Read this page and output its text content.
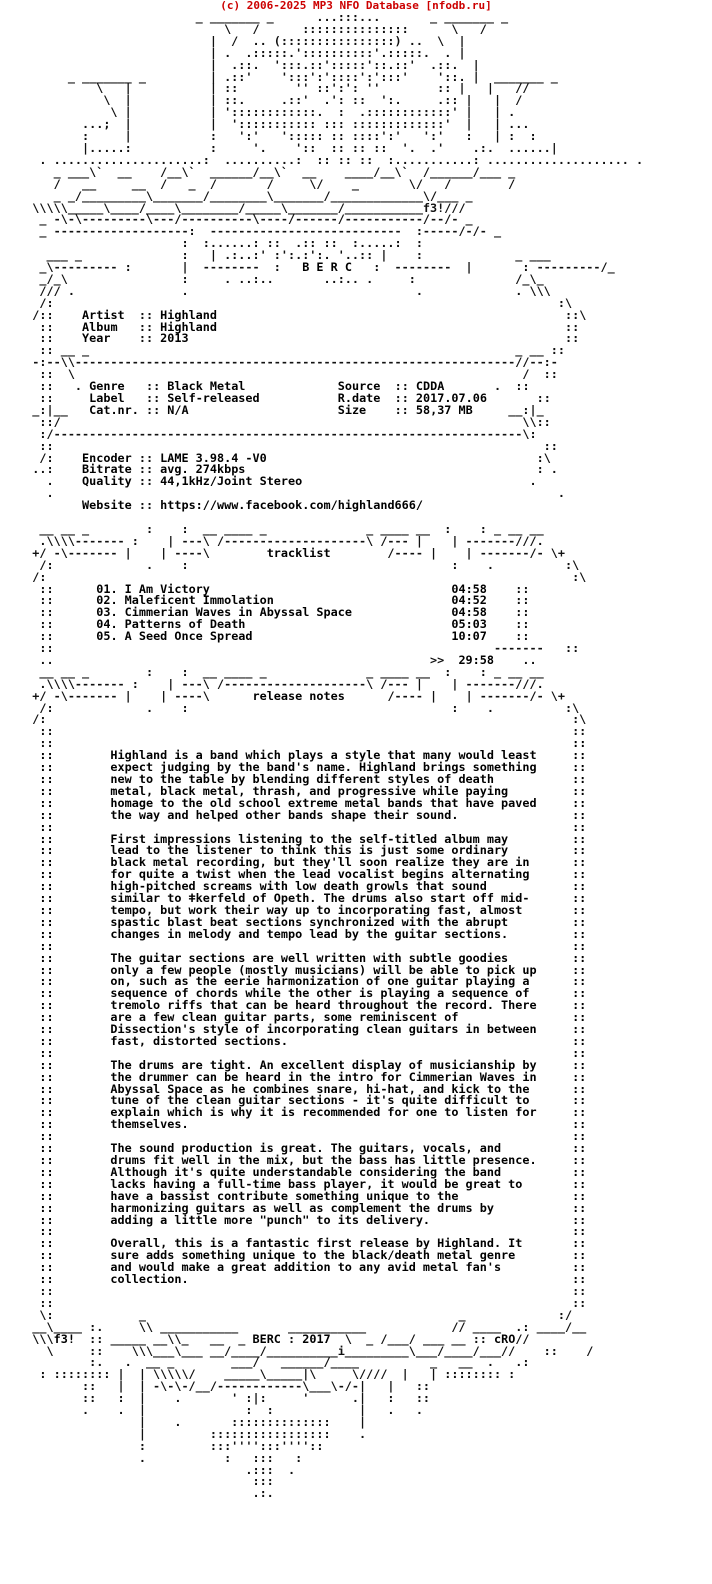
(c) 2006-2025 MP3 NFO Database [nfodb.ru]
_ _______ _      ...:::...       _ _______ _
\   /      :::::::::::::::      \   /
|  /  .. (::::::::::::::::) ..  \  |
| .  .:::::.'::::::::::'.:::::.  . |
|  .::.  ':::.::':::::'::.::'  .::.  |
_ _______ _         | .::'    ':::':'::::':':::'    '::. |  _______ _
\   |           | ::        '' ::':': ''        :: |   |   //
\  |           | ::.     .::'  .': ::  ':.     .:: |   |  /
\ |           | '::::::::::::.  :  .::::::::::::' |   | .
...;  |           |  '::::::::::: ::: :::::::::::::'  |   | ...
:     |           :   ':'   '::::: :: ::::':'   ':'   :   | :  :
|.....:           :     '.    '::  :: :: ::  '.  .'    .:.  ......|
. .....................:  ..........:  :: :: ::  :...........: .................... .
_ ___\`  __    /__\`  ______/__\`  __    ____/__\`  /______/___ _
/   __     __  /   _  /       /     \/    _       \/   /        /
_ _/_________\_______/________\_______/_____________\/___ _
\\\\\_____\____/____\________/_____\_______/___________f3!///
_ -\-\---------\---/----------\----/------/-----------/--/- _
_ -------------------:  ---------------------------  :-----/-/- _
:  :......: ::  .:: ::  :.....:  :
___ _              :   | .:..:' :':.:':. '..:: |    :             _ ___
_\--------- :       |  --------  :   B E R C   :  --------  |       : ---------/_
_/_\                :     . ..:..       ..:.. .     :              /_\_
/// .               .                                .             . \\\
/:                                                                       :\
/::    Artist  :: Highland	::\
::    Album   :: Highland	::
::    Year    :: 2013	::
:: __ _                                                            _ __ ::
-:--\\--------------------------------------------------------------//--:-
::  \                                                               /  ::
::   . Genre   :: Black Metal	Source  :: CDDA	.  ::
::	Label   :: Self-released	R.date  :: 2017.07.06	::
_:|__   Cat.nr. :: N/A	Size    :: 58,37 MB	__:|_
::/                                                                 \\::
:/------------------------------------------------------------------\:
::                                                                     ::
/:    Encoder :: LAME 3.98.4 -V0	:\
..:    Bitrate :: avg. 274kbps	: .
.    Quality :: 44,1kHz/Joint Stereo	.
.                                                                       .
Website :: https://www.facebook.com/highland666/

__ __ _        :    :  __ ____ _              _ ____ __  :    : _ __ __
.\\\\------- :    | ---\ /--------------------\ /--- |    | -------///.
+/ -\------- |    | ----\	tracklist	/---- |    | -------/- \+
/:             .    :                                     :    .          :\
/:                                                                          :\
::	01. I Am Victory	04:58    ::
::	02. Maleficent Immolation	04:52    ::
::	03. Cimmerian Waves in Abyssal Space	04:58    ::
::	04. Patterns of Death	05:03    ::
::	05. A Seed Once Spread	10:07    ::
::                                                              -------   ::
..                                                     >>  29:58    ..
__ __ _        :    :  __ ____ _              _ ____ __  :    : _ __ __
.\\\\------- :    | ---\ /--------------------\ /--- |    | -------///.
+/ -\------- |    | ----\	release notes	/---- |    | -------/- \+
/:             .    :                                     :    .          :\
/:                                                                          :\
::                                                                         ::
::	::
::        Highland is a band which plays a style that many would least     ::
::        expect judging by the band's name. Highland brings something     ::
::        new to the table by blending different styles of death           ::
::        metal, black metal, thrash, and progressive while paying         ::
::        homage to the old school extreme metal bands that have paved     ::
::        the way and helped other bands shape their sound.                ::
::                                                                         ::
::        First impressions listening to the self-titled album may         ::
::        lead to the listener to think this is just some ordinary         ::
::        black metal recording, but they'll soon realize they are in      ::
::        for quite a twist when the lead vocalist begins alternating      ::
::        high-pitched screams with low death growls that sound            ::
::        similar to ǂkerfeld of Opeth. The drums also start off mid-      ::
::        tempo, but work their way up to incorporating fast, almost       ::
::        spastic blast beat sections synchronized with the abrupt         ::
::        changes in melody and tempo lead by the guitar sections.         ::
::                                                                         ::
::        The guitar sections are well written with subtle goodies         ::
::        only a few people (mostly musicians) will be able to pick up     ::
::        on, such as the eerie harmonization of one guitar playing a      ::
::        sequence of chords while the other is playing a sequence of      ::
::        tremolo riffs that can be heard throughout the record. There     ::
::        are a few clean guitar parts, some reminiscent of                ::
::        Dissection's style of incorporating clean guitars in between     ::
::        fast, distorted sections.                                        ::
::                                                                         ::
::        The drums are tight. An excellent display of musicianship by     ::
::        the drummer can be heard in the intro for Cimmerian Waves in     ::
::        Abyssal Space as he combines snare, hi-hat, and kick to the      ::
::        tune of the clean guitar sections - it's quite difficult to      ::
::        explain which is why it is recommended for one to listen for     ::
::        themselves.                                                      ::
::                                                                         ::
::        The sound production is great. The guitars, vocals, and          ::
::        drums fit well in the mix, but the bass has little presence.     ::
::        Although it's quite understandable considering the band          ::
::        lacks having a full-time bass player, it would be great to       ::
::        have a bassist contribute something unique to the                ::
::        harmonizing guitars as well as complement the drums by           ::
::        adding a little more "punch" to its delivery.                    ::
::                                                                         ::
::        Overall, this is a fantastic first release by Highland. It       ::
::        sure adds something unique to the black/death metal genre        ::
::        and would make a great addition to any avid metal fan's          ::
::        collection.                                                      ::
::                                                                         ::
::                                                                         ::
\:            _                                            _             :/
__\____ :.     \\ ___________       ___________            // ____  .: ____/__
\\\f3!  :: _____ __\\_   __  _ BERC : 2017  \  _ /___/ ___ __ :: cRO//
\     ::    \\\___\___ __/____/__________i_________\___/____/___//    ::    /
:.   .  __ _        ___/   ______/____          _   __  .   .:
: :::::::: |  | \\\\\/    _____\_____|\     \////  |   | :::::::: :
::   |  | -\-\-/__/------------\___\-/-|   |   ::
::   :  |    .       ' :|:     '      .|   :   ::
.    .  |              :  :            |   .   .
|    .       ::::::::::::::    |
|         :::::::::::::::::    .
:         :::'''':::''''::
.           :   :::   :
.:::  .
:::
.:.
